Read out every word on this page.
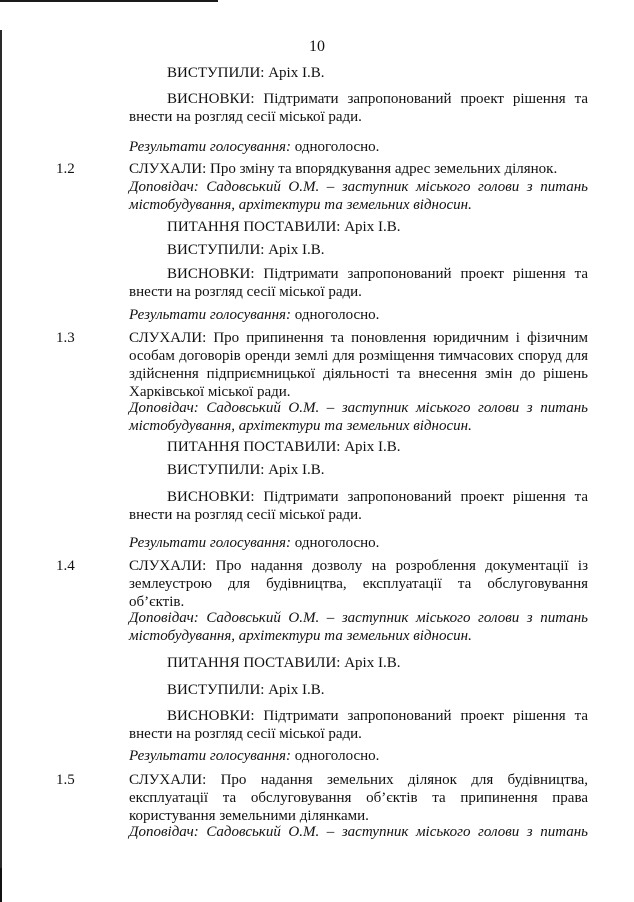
10
ВИСТУПИЛИ: Аріх І.В.
ВИСНОВКИ: Підтримати запропонований проект рішення та
внести на розгляд сесії міської ради.
Результати голосування: одноголосно.
1.2	СЛУХАЛИ: Про зміну та впорядкування адрес земельних ділянок.
Доповідач: Садовський О.М. – заступник міського голови з питань
містобудування, архітектури та земельних відносин.
ПИТАННЯ ПОСТАВИЛИ: Аріх І.В.
ВИСТУПИЛИ: Аріх І.В.
ВИСНОВКИ: Підтримати запропонований проект рішення та
внести на розгляд сесії міської ради.
Результати голосування: одноголосно.
1.3	СЛУХАЛИ: Про припинення та поновлення юридичним і фізичним
особам договорів оренди землі для розміщення тимчасових споруд для
здійснення підприємницької діяльності та внесення змін до рішень
Харківської міської ради.
Доповідач: Садовський О.М. – заступник міського голови з питань
містобудування, архітектури та земельних відносин.
ПИТАННЯ ПОСТАВИЛИ: Аріх І.В.
ВИСТУПИЛИ: Аріх І.В.
ВИСНОВКИ: Підтримати запропонований проект рішення та
внести на розгляд сесії міської ради.
Результати голосування: одноголосно.
1.4	СЛУХАЛИ: Про надання дозволу на розроблення документації із
землеустрою для будівництва, експлуатації та обслуговування
об’єктів.
Доповідач: Садовський О.М. – заступник міського голови з питань
містобудування, архітектури та земельних відносин.
ПИТАННЯ ПОСТАВИЛИ: Аріх І.В.
ВИСТУПИЛИ: Аріх І.В.
ВИСНОВКИ: Підтримати запропонований проект рішення та
внести на розгляд сесії міської ради.
Результати голосування: одноголосно.
1.5	СЛУХАЛИ: Про надання земельних ділянок для будівництва,
експлуатації та обслуговування об’єктів та припинення права
користування земельними ділянками.
Доповідач: Садовський О.М. – заступник міського голови з питань
